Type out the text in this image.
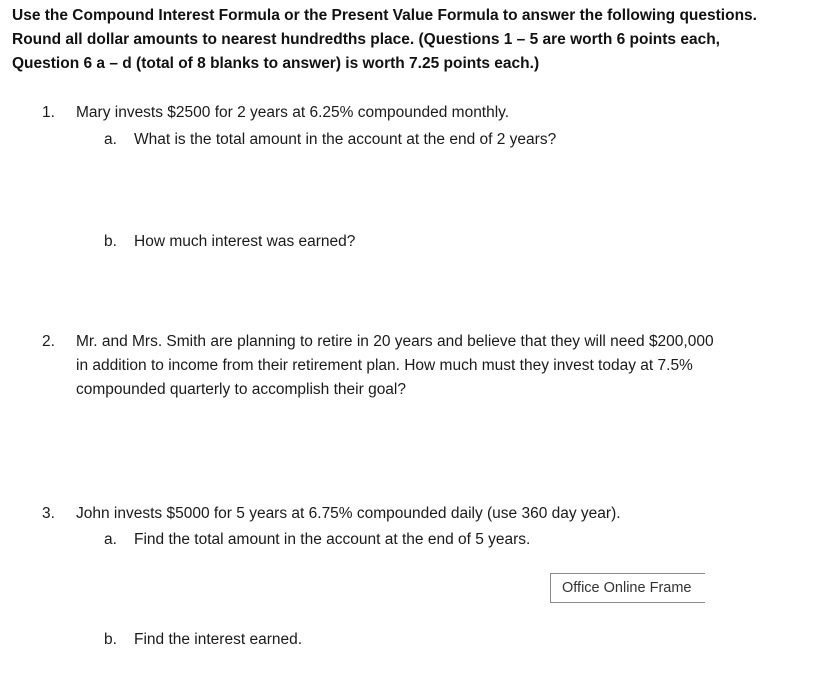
Use the Compound Interest Formula or the Present Value Formula to answer the following questions.
Round all dollar amounts to nearest hundredths place. (Questions 1 – 5 are worth 6 points each,
Question 6 a – d (total of 8 blanks to answer) is worth 7.25 points each.)
1. Mary invests $2500 for 2 years at 6.25% compounded monthly.
a. What is the total amount in the account at the end of 2 years?
b. How much interest was earned?
2. Mr. and Mrs. Smith are planning to retire in 20 years and believe that they will need $200,000
in addition to income from their retirement plan. How much must they invest today at 7.5%
compounded quarterly to accomplish their goal?
3. John invests $5000 for 5 years at 6.75% compounded daily (use 360 day year).
a. Find the total amount in the account at the end of 5 years.
b. Find the interest earned.
Office Online Frame
